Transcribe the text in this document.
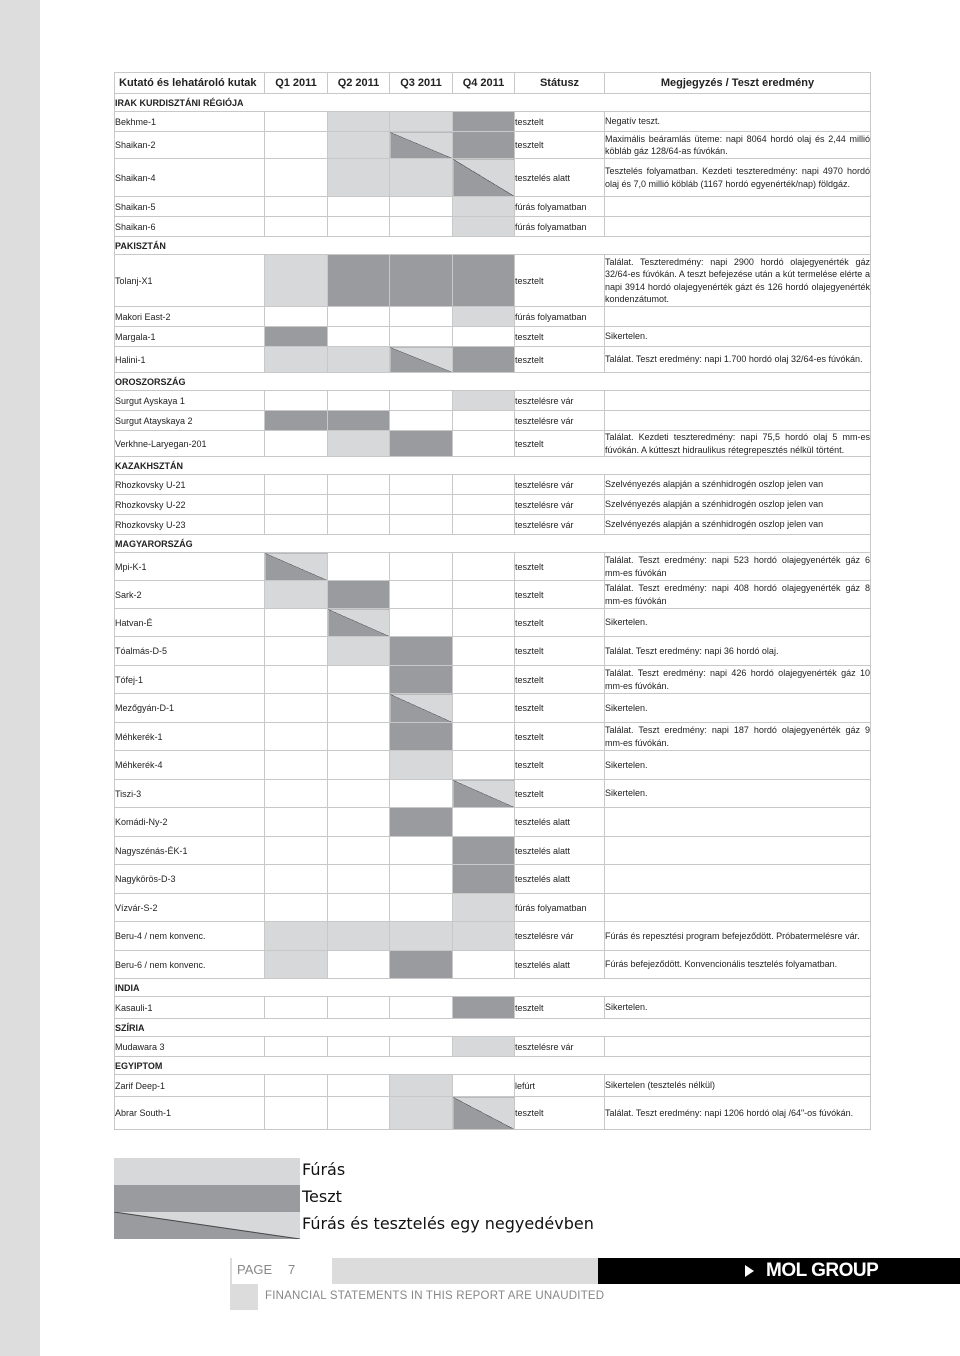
Kutató és lehatároló kutak	Q1 2011	Q2 2011	Q3 2011	Q4 2011	Státusz	Megjegyzés / Teszt eredmény
IRAK KURDISZTÁNI RÉGIÓJA						
Bekhme-1					tesztelt	Negatív teszt.
Shaikan-2					tesztelt	Maximális beáramlás üteme: napi 8064 hordó olaj és 2,44 millió köbláb gáz 128/64-as fúvókán.
Shaikan-4					tesztelés alatt	Tesztelés folyamatban. Kezdeti teszteredmény: napi 4970 hordó olaj és 7,0 millió köbláb (1167 hordó egyenérték/nap) földgáz.
Shaikan-5					fúrás folyamatban	
Shaikan-6					fúrás folyamatban	
PAKISZTÁN						
Tolanj-X1					tesztelt	Találat. Teszteredmény: napi 2900 hordó olajegyenérték gáz 32/64-es fúvókán. A teszt befejezése után a kút termelése elérte a napi 3914 hordó olajegyenérték gázt és 126 hordó olajegyenérték kondenzátumot.
Makori East-2					fúrás folyamatban	
Margala-1					tesztelt	Sikertelen.
Halini-1					tesztelt	Találat. Teszt eredmény: napi 1.700 hordó olaj 32/64-es fúvókán.
OROSZORSZÁG						
Surgut Ayskaya 1					tesztelésre vár	
Surgut Atayskaya 2					tesztelésre vár	
Verkhne-Laryegan-201					tesztelt	Találat. Kezdeti teszteredmény: napi 75,5 hordó olaj 5 mm-es fúvókán. A kútteszt hidraulikus rétegrepesztés nélkül történt.
KAZAKHSZTÁN						
Rhozkovsky U-21					tesztelésre vár	Szelvényezés alapján a szénhidrogén oszlop jelen van
Rhozkovsky U-22					tesztelésre vár	Szelvényezés alapján a szénhidrogén oszlop jelen van
Rhozkovsky U-23					tesztelésre vár	Szelvényezés alapján a szénhidrogén oszlop jelen van
MAGYARORSZÁG						
Mpi-K-1					tesztelt	Találat. Teszt eredmény: napi 523 hordó olajegyenérték gáz 6 mm-es fúvókán
Sark-2					tesztelt	Találat. Teszt eredmény: napi 408 hordó olajegyenérték gáz 8 mm-es fúvókán
Hatvan-É					tesztelt	Sikertelen.
Tóalmás-D-5					tesztelt	Találat. Teszt eredmény: napi 36 hordó olaj.
Tófej-1					tesztelt	Találat. Teszt eredmény: napi 426 hordó olajegyenérték gáz 10 mm-es fúvókán.
Mezőgyán-D-1					tesztelt	Sikertelen.
Méhkerék-1					tesztelt	Találat. Teszt eredmény: napi 187 hordó olajegyenérték gáz 9 mm-es fúvókán.
Méhkerék-4					tesztelt	Sikertelen.
Tiszi-3					tesztelt	Sikertelen.
Komádi-Ny-2					tesztelés alatt	
Nagyszénás-ÉK-1					tesztelés alatt	
Nagykörös-D-3					tesztelés alatt	
Vízvár-S-2					fúrás folyamatban	
Beru-4 / nem konvenc.					tesztelésre vár	Fúrás és repesztési program befejeződött. Próbatermelésre vár.
Beru-6 / nem konvenc.					tesztelés alatt	Fúrás befejeződött. Konvencionális tesztelés folyamatban.
INDIA						
Kasauli-1					tesztelt	Sikertelen.
SZÍRIA						
Mudawara 3					tesztelésre vár	
EGYIPTOM						
Zarif Deep-1					lefúrt	Sikertelen (tesztelés nélkül)
Abrar South-1					tesztelt	Találat. Teszt eredmény: napi 1206 hordó olaj /64"-os fúvókán.
Fúrás
Teszt
Fúrás és tesztelés egy negyedévben
PAGE 7	MOL GROUP
FINANCIAL STATEMENTS IN THIS REPORT ARE UNAUDITED
